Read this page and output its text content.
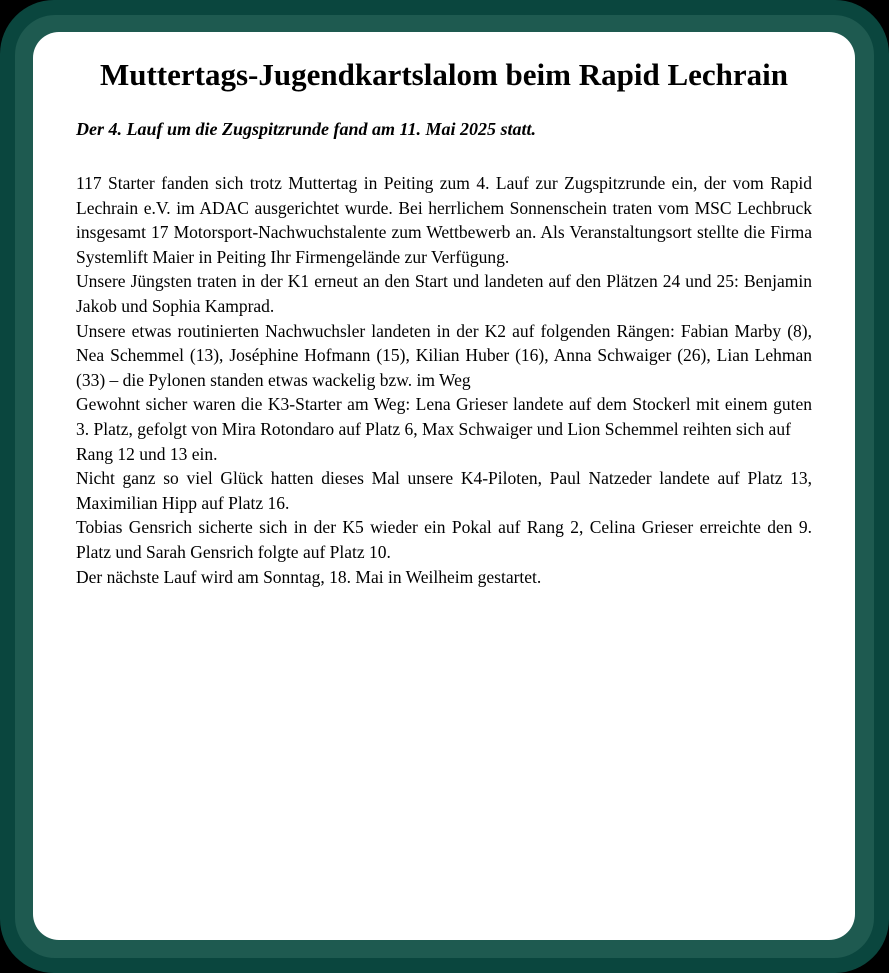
Muttertags-Jugendkartslalom beim Rapid Lechrain

Der 4. Lauf um die Zugspitzrunde fand am 11. Mai 2025 statt.

117 Starter fanden sich trotz Muttertag in Peiting zum 4. Lauf zur Zugspitzrunde ein, der vom Rapid Lechrain e.V. im ADAC ausgerichtet wurde. Bei herrlichem Sonnenschein traten vom MSC Lechbruck insgesamt 17 Motorsport-Nachwuchstalente zum Wettbewerb an. Als Veranstaltungsort stellte die Firma Systemlift Maier in Peiting Ihr Firmengelände zur Verfügung.

Unsere Jüngsten traten in der K1 erneut an den Start und landeten auf den Plätzen 24 und 25: Benjamin Jakob und Sophia Kamprad.

Unsere etwas routinierten Nachwuchsler landeten in der K2 auf folgenden Rängen: Fabian Marby (8), Nea Schemmel (13), Joséphine Hofmann (15), Kilian Huber (16), Anna Schwaiger (26), Lian Lehman (33) – die Pylonen standen etwas wackelig bzw. im Weg

Gewohnt sicher waren die K3-Starter am Weg: Lena Grieser landete auf dem Stockerl mit einem guten 3. Platz, gefolgt von Mira Rotondaro auf Platz 6, Max Schwaiger und Lion Schemmel reihten sich auf

Rang 12 und 13 ein.

Nicht ganz so viel Glück hatten dieses Mal unsere K4-Piloten, Paul Natzeder landete auf Platz 13, Maximilian Hipp auf Platz 16.

Tobias Gensrich sicherte sich in der K5 wieder ein Pokal auf Rang 2, Celina Grieser erreichte den 9. Platz und Sarah Gensrich folgte auf Platz 10.

Der nächste Lauf wird am Sonntag, 18. Mai in Weilheim gestartet.
